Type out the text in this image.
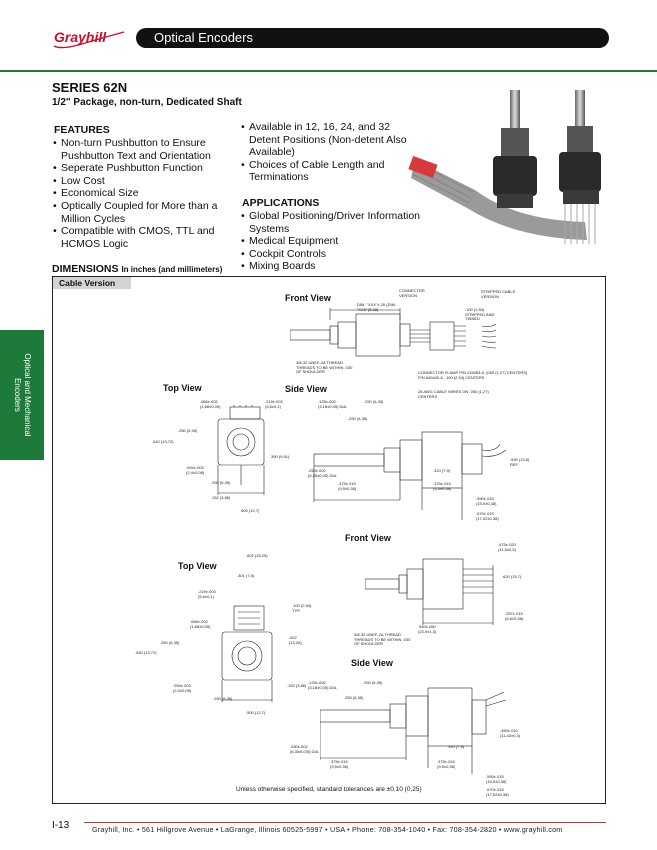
Grayhill	Optical Encoders
SERIES 62N
1/2" Package, non-turn, Dedicated Shaft
FEATURES
• Non-turn Pushbutton to Ensure Pushbutton Text and Orientation
• Seperate Pushbutton Function
• Low Cost
• Economical Size
• Optically Coupled for More than a Million Cycles
• Compatible with CMOS, TTL and HCMOS Logic
• Available in 12, 16, 24, and 32 Detent Positions (Non-detent Also Available)
• Choices of Cable Length and Terminations
APPLICATIONS
• Global Positioning/Driver Information Systems
• Medical Equipment
• Cockpit Controls
• Mixing Boards
DIMENSIONS In inches (and millimeters)
Optical and Mechanical
Encoders
Cable Version
Front View
Top View	Side View
Front View
Top View
Side View
CONNECTOR VERSION
STRIPPED CABLE VERSION
DIM. "XXX"±.20 (DIM. "XXX"(5,08)	.100 (2,54) STRIPPED AND TINNED
3/8-32 UNEF-2A THREAD THREADS TO BE WITHIN .030 OF SHOULDER	CONNECTOR IS AMP P/N 215083-6, (050 (1,27) CENTERS) P/N 640440-6, .100 (2,54) CENTERS
28 AWG CABLE WIRES ON .050 (1,27) CENTERS
.066±.002 (1,68±0,05)
.219±.003 (5,6±0,1)
.250 (6,35)
.540 (13,72)
.094±.003 (2,4±0,08)
.250 (6,35)
.152 (3,86)
.500 (12,7)
.390 (9,91)
.125±.002 (3,18±0,05) DIA.
.250 (6,35)
.250 (6,35)
.250±.002 (6,35±0,05) DIA.
.375±.015 (9,5±0,38)
.310 (7,9)
.375±.015 (9,5±0,38)
.530 (13,5) REF
.590±.015 (15,0±0,38)
.670±.015 (17,02±0,38)
.475±.020 (11,5±0,5)
.620 (15,7)
.257±.015 (6,6±0,38)
.940±.050 (23,9±1,3)
3/8-32 UNEF-2A THREAD THREADS TO BE WITHIN .030 OF SHOULDER
.602 (15,29)
.301 (7,6)
.219±.003 (5,6±0,1)
.100 (2,54) TYP.
.066±.002 (1,68±0,05)
.522 (13,26)
.250 (6,35)
.540 (13,72)
.094±.003 (2,4±0,08)
.250 (6,35)
.152 (3,86)
.500 (12,7)
.125±.002 (3,18±0,05) DIA.
.250 (6,35)
.250 (6,35)
.250±.002 (6,35±0,05) DIA.
.375±.015 (9,5±0,38)
.310 (7,9)
.375±.015 (9,5±0,38)
.450±.010 (11,43±0,3)
.590±.015 (15,0±0,38)
.670±.015 (17,02±0,38)
Unless otherwise specified, standard tolerances are ±0.10 (0,25)
I-13	Grayhill, Inc. • 561 Hillgrove Avenue • LaGrange, Illinois 60525-5997 • USA • Phone: 708-354-1040 • Fax: 708-354-2820 • www.grayhill.com
